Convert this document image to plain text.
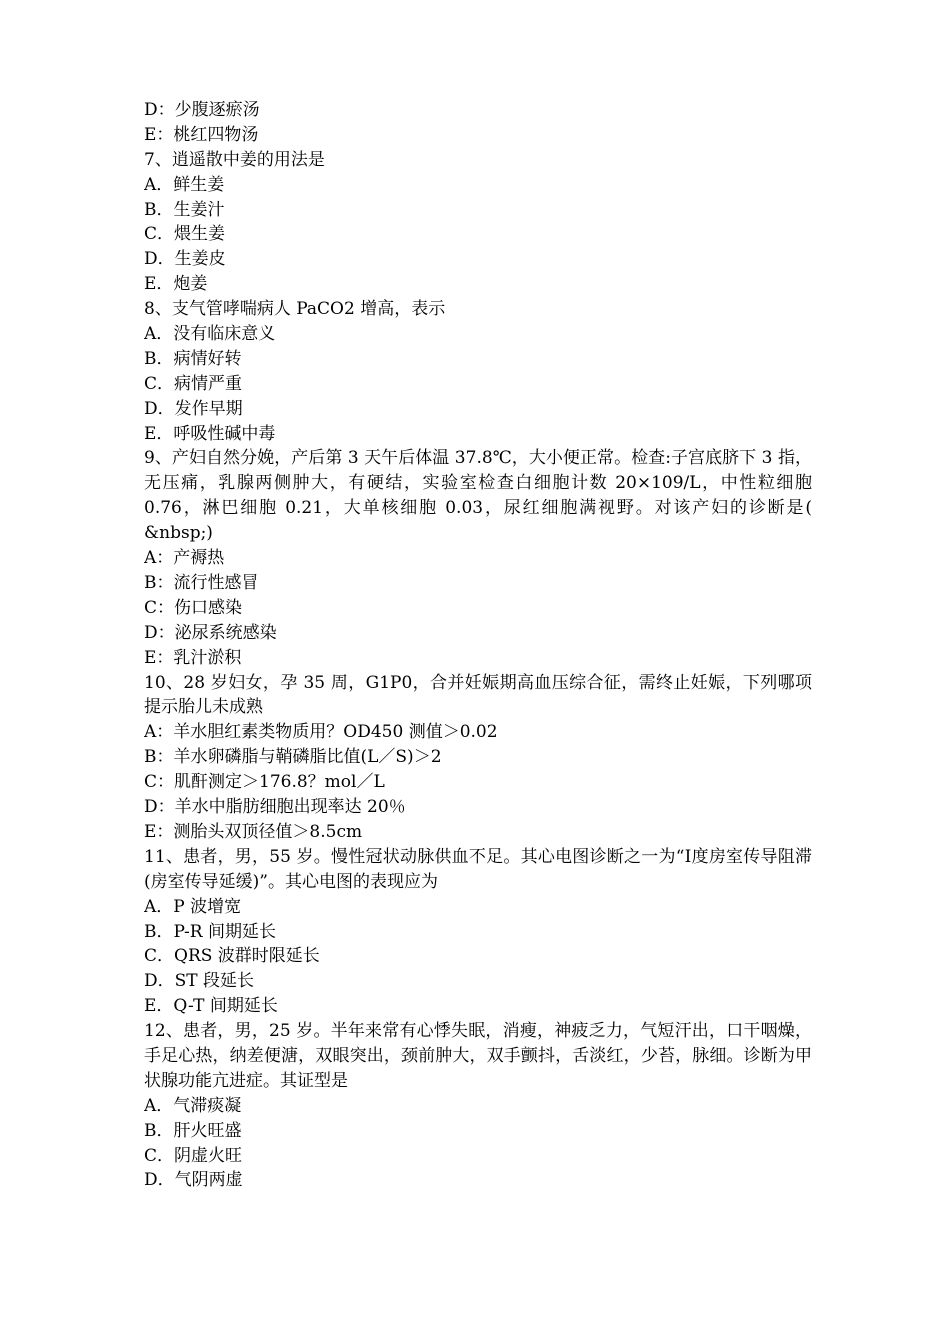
D：少腹逐瘀汤
E：桃红四物汤
7、逍遥散中姜的用法是
A．鲜生姜
B．生姜汁
C．煨生姜
D．生姜皮
E．炮姜
8、支气管哮喘病人 PaCO2 增高，表示
A．没有临床意义
B．病情好转
C．病情严重
D．发作早期
E．呼吸性碱中毒
9、产妇自然分娩，产后第 3 天午后体温 37.8℃，大小便正常。检查:子宫底脐下 3 指，无压痛，乳腺两侧肿大，有硬结，实验室检查白细胞计数 20×109/L，中性粒细胞 0.76，淋巴细胞 0.21，大单核细胞 0.03，尿红细胞满视野。对该产妇的诊断是( &nbsp;)
A：产褥热
B：流行性感冒
C：伤口感染
D：泌尿系统感染
E：乳汁淤积
10、28 岁妇女，孕 35 周，G1P0，合并妊娠期高血压综合征，需终止妊娠，下列哪项提示胎儿未成熟
A：羊水胆红素类物质用？OD450 测值＞0.02
B：羊水卵磷脂与鞘磷脂比值(L／S)＞2
C：肌酐测定＞176.8？mol／L
D：羊水中脂肪细胞出现率达 20％
E：测胎头双顶径值＞8.5cm
11、患者，男，55 岁。慢性冠状动脉供血不足。其心电图诊断之一为“Ⅰ度房室传导阻滞(房室传导延缓)”。其心电图的表现应为
A．P 波增宽
B．P-R 间期延长
C．QRS 波群时限延长
D．ST 段延长
E．Q-T 间期延长
12、患者，男，25 岁。半年来常有心悸失眠，消瘦，神疲乏力，气短汗出，口干咽燥，手足心热，纳差便溏，双眼突出，颈前肿大，双手颤抖，舌淡红，少苔，脉细。诊断为甲状腺功能亢进症。其证型是
A．气滞痰凝
B．肝火旺盛
C．阴虚火旺
D．气阴两虚
